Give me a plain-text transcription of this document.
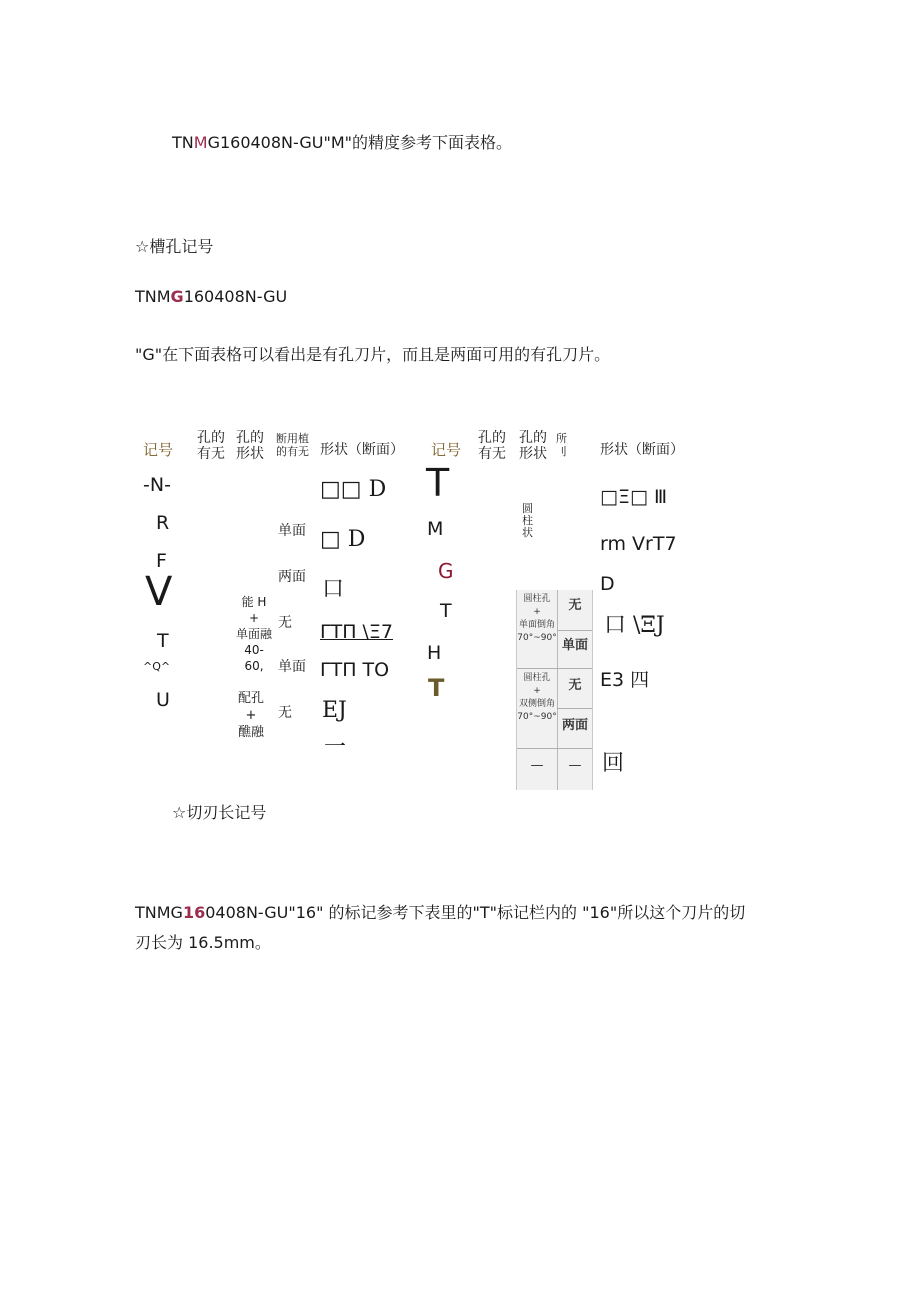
TNMG160408N-GU"M"的精度参考下面表格。
☆槽孔记号
TNMG160408N-GU
"G"在下面表格可以看出是有孔刀片，而且是两面可用的有孔刀片。
记号
孔的
有无
孔的
形状
断用植
的有无 形状（断面）
-N-
R
F
V
T
^Q^
U
单面
两面
能 H
+
单面融
40-
60,
配孔
+
醮融
无
单面
无
□□ D
□ D
口
ΓΤΠ \Ξ7
ΓΤΠ TO
ΕJ
一
记号
孔的
有无
孔的
形状
所
刂 形状（断面）
T
M
G
T
H
T
圆
柱
状
圆柱孔
+
单面倒角
70°~90°
无
单面
圆柱孔
+
双侧倒角
70°~90°
无
两面
—	—
□Ξ□ Ⅲ
rm VrT7
D
口 \ΞJ
E3 四
回
☆切刃长记号
TNMG160408N-GU"16" 的标记参考下表里的"T"标记栏内的 "16"所以这个刀片的切
刃长为 16.5mm。
